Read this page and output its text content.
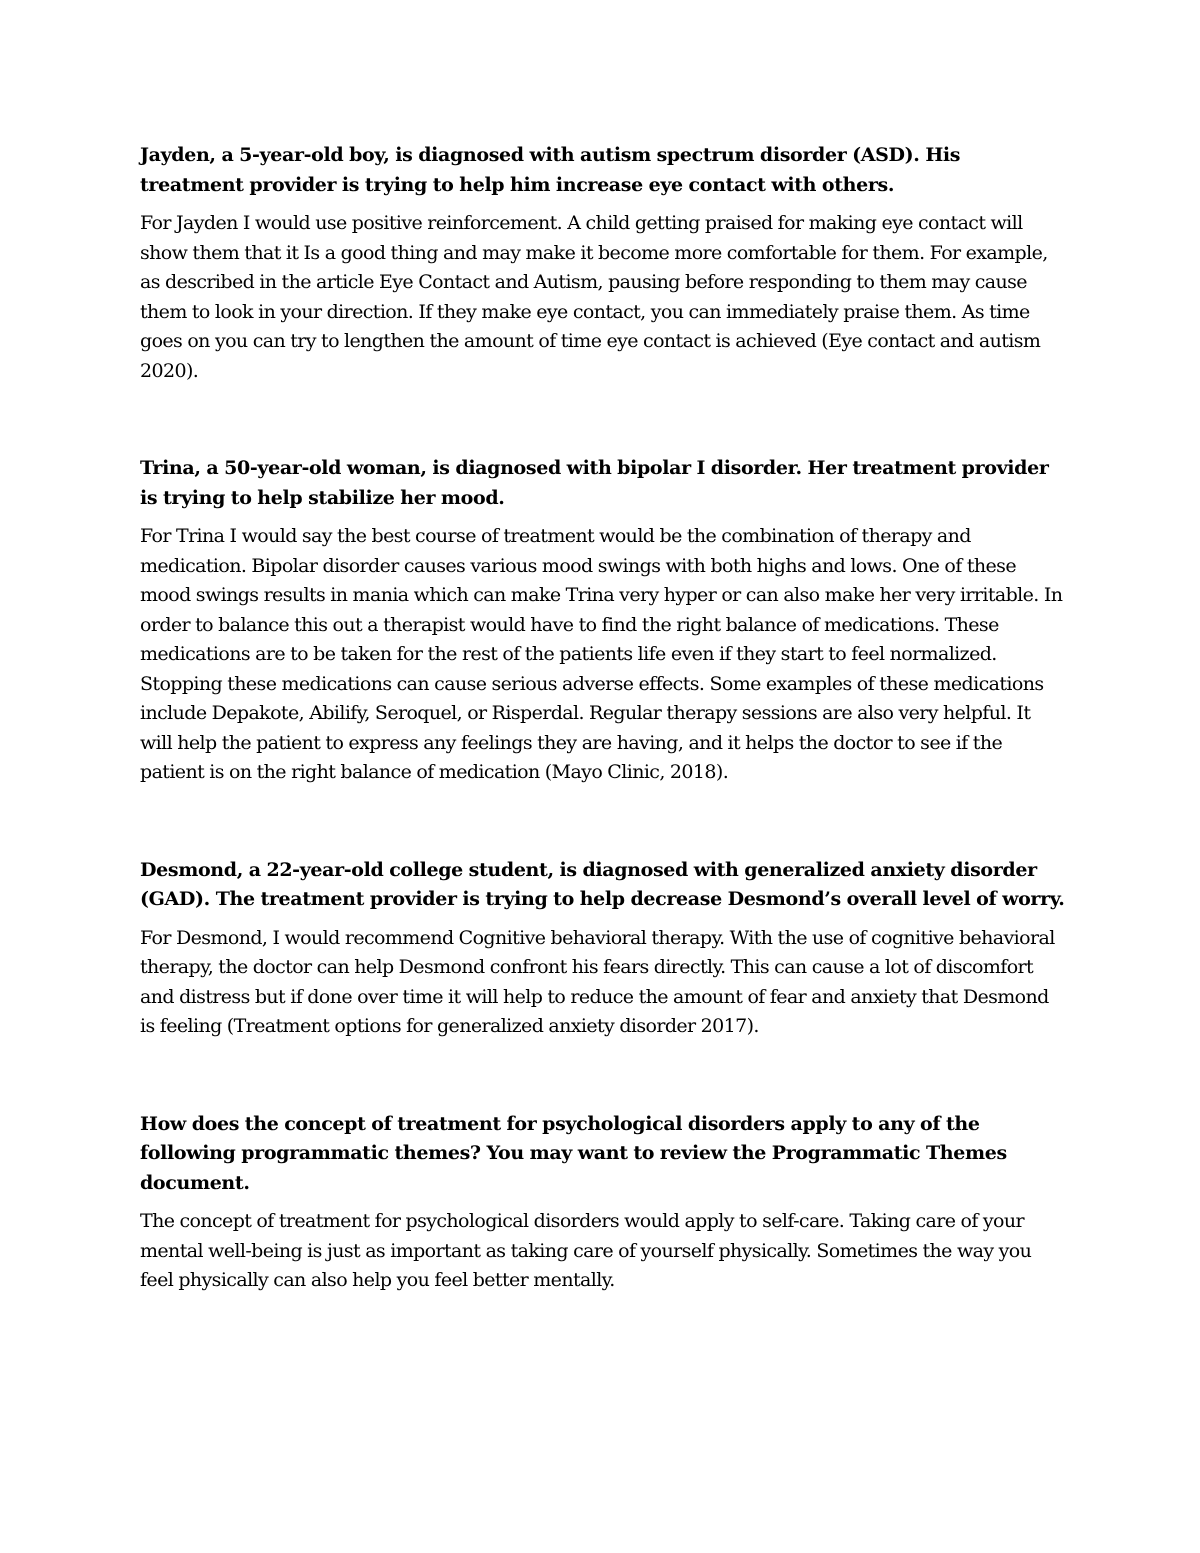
Jayden, a 5-year-old boy, is diagnosed with autism spectrum disorder (ASD). His treatment provider is trying to help him increase eye contact with others.

For Jayden I would use positive reinforcement. A child getting praised for making eye contact will show them that it Is a good thing and may make it become more comfortable for them. For example, as described in the article Eye Contact and Autism, pausing before responding to them may cause them to look in your direction. If they make eye contact, you can immediately praise them. As time goes on you can try to lengthen the amount of time eye contact is achieved (Eye contact and autism 2020).

Trina, a 50-year-old woman, is diagnosed with bipolar I disorder. Her treatment provider is trying to help stabilize her mood.

For Trina I would say the best course of treatment would be the combination of therapy and medication. Bipolar disorder causes various mood swings with both highs and lows. One of these mood swings results in mania which can make Trina very hyper or can also make her very irritable. In order to balance this out a therapist would have to find the right balance of medications. These medications are to be taken for the rest of the patients life even if they start to feel normalized. Stopping these medications can cause serious adverse effects. Some examples of these medications include Depakote, Abilify, Seroquel, or Risperdal. Regular therapy sessions are also very helpful. It will help the patient to express any feelings they are having, and it helps the doctor to see if the patient is on the right balance of medication (Mayo Clinic, 2018).

Desmond, a 22-year-old college student, is diagnosed with generalized anxiety disorder (GAD). The treatment provider is trying to help decrease Desmond’s overall level of worry.

For Desmond, I would recommend Cognitive behavioral therapy. With the use of cognitive behavioral therapy, the doctor can help Desmond confront his fears directly. This can cause a lot of discomfort and distress but if done over time it will help to reduce the amount of fear and anxiety that Desmond is feeling (Treatment options for generalized anxiety disorder 2017).

How does the concept of treatment for psychological disorders apply to any of the following programmatic themes? You may want to review the Programmatic Themes document.

The concept of treatment for psychological disorders would apply to self-care. Taking care of your mental well-being is just as important as taking care of yourself physically. Sometimes the way you feel physically can also help you feel better mentally.
